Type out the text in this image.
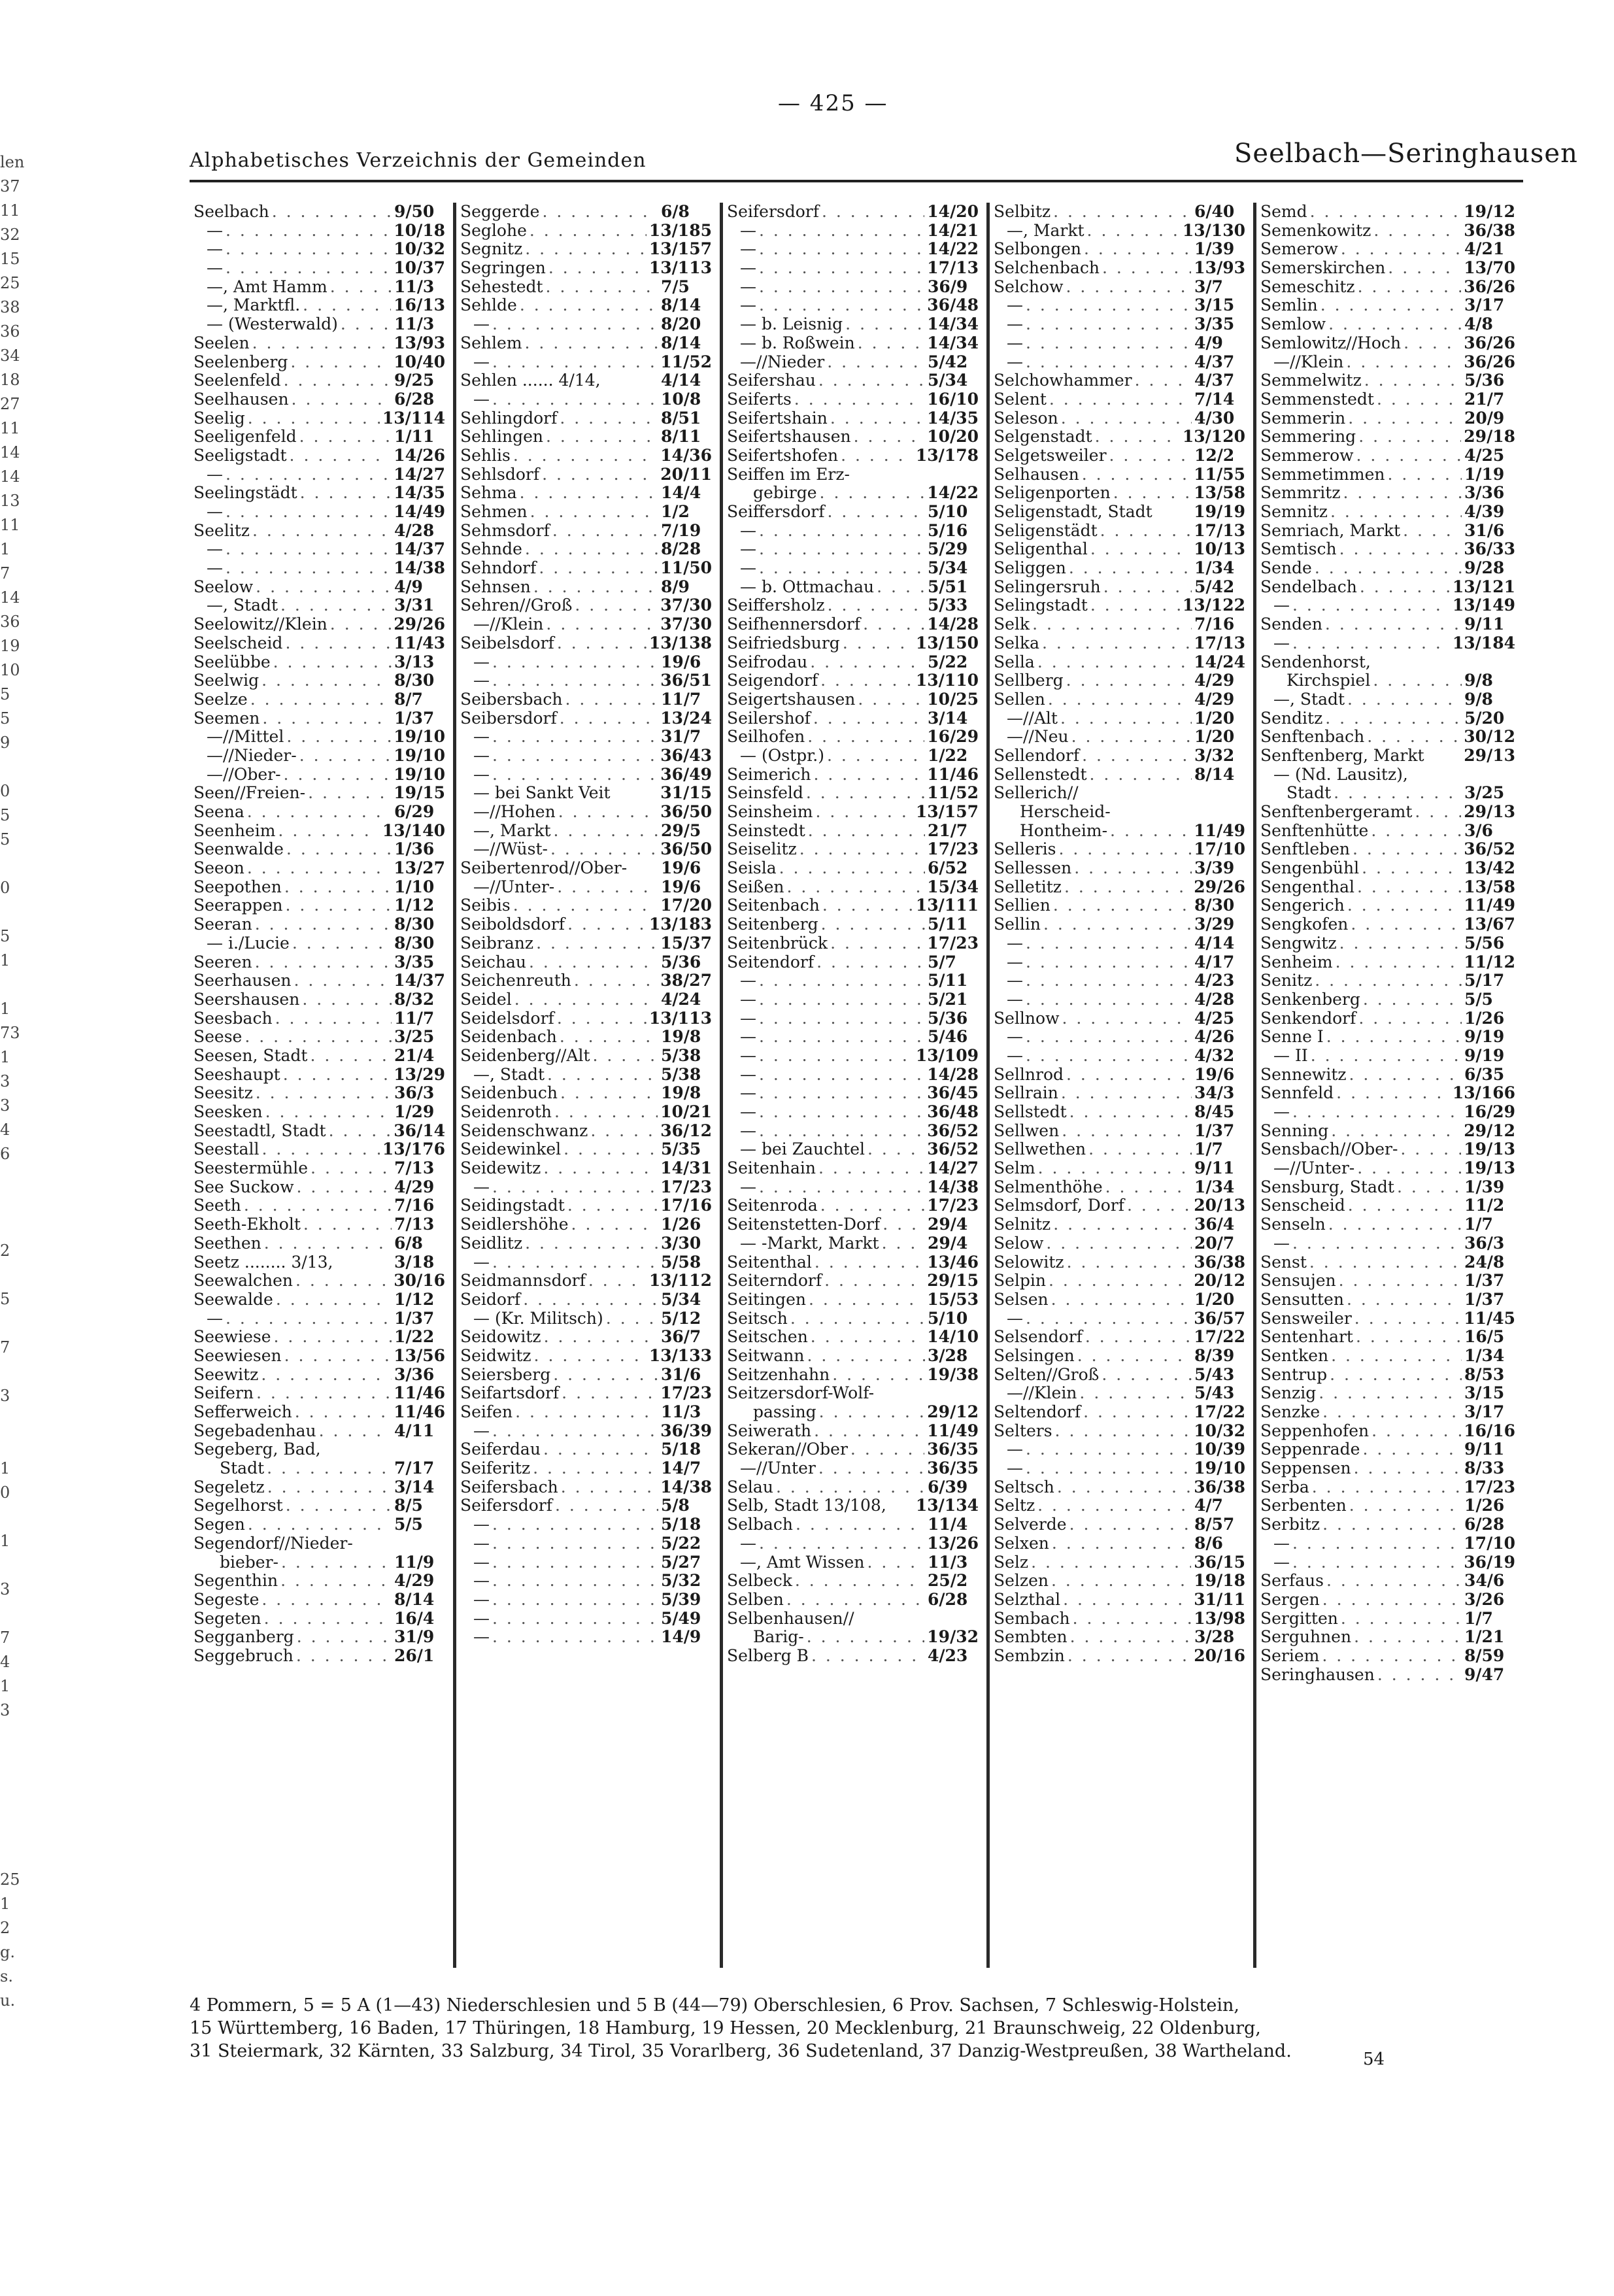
— 425 —
Alphabetisches Verzeichnis der Gemeinden	Seelbach—Seringhausen
len
37
11
32
15
25
38
36
34
18
27
11
14
14
13
11
1
7
14
36
19
10
5
5
9
0
5
5
0
5
1
1
73
1
3
3
4
6
2
5
7
3
1
0
1
3
7
4
1
3
25
1
2
g.
s.
u.
Seelbach . . .	9/50
— . . .	10/18
— . . .	10/32
— . . .	10/37
—, Amt Hamm . . .	11/3
—, Marktfl. . . .	16/13
— (Westerwald) . . .	11/3
Seelen . . .	13/93
Seelenberg . . .	10/40
Seelenfeld . . .	9/25
Seelhausen . . .	6/28
Seelig . . .	13/114
Seeligenfeld . . .	1/11
Seeligstadt . . .	14/26
— . . .	14/27
Seelingstädt . . .	14/35
— . . .	14/49
Seelitz . . .	4/28
— . . .	14/37
— . . .	14/38
Seelow . . .	4/9
—, Stadt . . .	3/31
Seelowitz//Klein . . .	29/26
Seelscheid . . .	11/43
Seelübbe . . .	3/13
Seelwig . . .	8/30
Seelze . . .	8/7
Seemen . . .	1/37
—//Mittel . . .	19/10
—//Nieder- . . .	19/10
—//Ober- . . .	19/10
Seen//Freien- . . .	19/15
Seena . . .	6/29
Seenheim . . .	13/140
Seenwalde . . .	1/36
Seeon . . .	13/27
Seepothen . . .	1/10
Seerappen . . .	1/12
Seeran . . .	8/30
— i./Lucie . . .	8/30
Seeren . . .	3/35
Seerhausen . . .	14/37
Seershausen . . .	8/32
Seesbach . . .	11/7
Seese . . .	3/25
Seesen, Stadt . . .	21/4
Seeshaupt . . .	13/29
Seesitz . . .	36/3
Seesken . . .	1/29
Seestadtl, Stadt . . .	36/14
Seestall . . .	13/176
Seestermühle . . .	7/13
See Suckow . . .	4/29
Seeth . . .	7/16
Seeth-Ekholt . . .	7/13
Seethen . . .	6/8
Seetz ........ 3/13,	3/18
Seewalchen . . .	30/16
Seewalde . . .	1/12
— . . .	1/37
Seewiese . . .	1/22
Seewiesen . . .	13/56
Seewitz . . .	3/36
Seifern . . .	11/46
Sefferweich . . .	11/46
Segebadenhau . . .	4/11
Segeberg, Bad,
Stadt . . .	7/17
Segeletz . . .	3/14
Segelhorst . . .	8/5
Segen . . .	5/5
Segendorf//Nieder-
bieber- . . .	11/9
Segenthin . . .	4/29
Segeste . . .	8/14
Segeten . . .	16/4
Segganberg . . .	31/9
Seggebruch . . .	26/1
Seggerde . . .	6/8
Seglohe . . .	13/185
Segnitz . . .	13/157
Segringen . . .	13/113
Sehestedt . . .	7/5
Sehlde . . .	8/14
— . . .	8/20
Sehlem . . .	8/14
— . . .	11/52
Sehlen ...... 4/14,	4/14
— . . .	10/8
Sehlingdorf . . .	8/51
Sehlingen . . .	8/11
Sehlis . . .	14/36
Sehlsdorf . . .	20/11
Sehma . . .	14/4
Sehmen . . .	1/2
Sehmsdorf . . .	7/19
Sehnde . . .	8/28
Sehndorf . . .	11/50
Sehnsen . . .	8/9
Sehren//Groß . . .	37/30
—//Klein . . .	37/30
Seibelsdorf . . .	13/138
— . . .	19/6
— . . .	36/51
Seibersbach . . .	11/7
Seibersdorf . . .	13/24
— . . .	31/7
— . . .	36/43
— . . .	36/49
— bei Sankt Veit	31/15
—//Hohen . . .	36/50
—, Markt . . .	29/5
—//Wüst- . . .	36/50
Seibertenrod//Ober- 19/6
—//Unter- . . .	19/6
Seibis . . .	17/20
Seiboldsdorf . . .	13/183
Seibranz . . .	15/37
Seichau . . .	5/36
Seichenreuth . . .	38/27
Seidel . . .	4/24
Seidelsdorf . . .	13/113
Seidenbach . . .	19/8
Seidenberg//Alt . . .	5/38
—, Stadt . . .	5/38
Seidenbuch . . .	19/8
Seidenroth . . .	10/21
Seidenschwanz . . .	36/12
Seidewinkel . . .	5/35
Seidewitz . . .	14/31
— . . .	17/23
Seidingstadt . . .	17/16
Seidlershöhe . . .	1/26
Seidlitz . . .	3/30
— . . .	5/58
Seidmannsdorf . . .	13/112
Seidorf . . .	5/34
— (Kr. Militsch) . . .	5/12
Seidowitz . . .	36/7
Seidwitz . . .	13/133
Seiersberg . . .	31/6
Seifartsdorf . . .	17/23
Seifen . . .	11/3
— . . .	36/39
Seiferdau . . .	5/18
Seiferitz . . .	14/7
Seifersbach . . .	14/38
Seifersdorf . . .	5/8
— . . .	5/18
— . . .	5/22
— . . .	5/27
— . . .	5/32
— . . .	5/39
— . . .	5/49
— . . .	14/9
Seifersdorf . . .	14/20
— . . .	14/21
— . . .	14/22
— . . .	17/13
— . . .	36/9
— . . .	36/48
— b. Leisnig . . .	14/34
— b. Roßwein . . .	14/34
—//Nieder . . .	5/42
Seifershau . . .	5/34
Seiferts . . .	16/10
Seifertshain . . .	14/35
Seifertshausen . . .	10/20
Seifertshofen . . .	13/178
Seiffen im Erz-
gebirge . . .	14/22
Seiffersdorf . . .	5/10
— . . .	5/16
— . . .	5/29
— . . .	5/34
— b. Ottmachau . . .	5/51
Seiffersholz . . .	5/33
Seifhennersdorf . . .	14/28
Seifriedsburg . . .	13/150
Seifrodau . . .	5/22
Seigendorf . . .	13/110
Seigertshausen . . .	10/25
Seilershof . . .	3/14
Seilhofen . . .	16/29
— (Ostpr.) . . .	1/22
Seimerich . . .	11/46
Seinsfeld . . .	11/52
Seinsheim . . .	13/157
Seinstedt . . .	21/7
Seiselitz . . .	17/23
Seisla . . .	6/52
Seißen . . .	15/34
Seitenbach . . .	13/111
Seitenberg . . .	5/11
Seitenbrück . . .	17/23
Seitendorf . . .	5/7
— . . .	5/11
— . . .	5/21
— . . .	5/36
— . . .	5/46
— . . .	13/109
— . . .	14/28
— . . .	36/45
— . . .	36/48
— . . .	36/52
— bei Zauchtel . . .	36/52
Seitenhain . . .	14/27
— . . .	14/38
Seitenroda . . .	17/23
Seitenstetten-Dorf . . .	29/4
— -Markt, Markt . . .	29/4
Seitenthal . . .	13/46
Seiterndorf . . .	29/15
Seitingen . . .	15/53
Seitsch . . .	5/10
Seitschen . . .	14/10
Seitwann . . .	3/28
Seitzenhahn . . .	19/38
Seitzersdorf-Wolf-
passing . . .	29/12
Seiwerath . . .	11/49
Sekeran//Ober . . .	36/35
—//Unter . . .	36/35
Selau . . .	6/39
Selb, Stadt 13/108, 13/134
Selbach . . .	11/4
— . . .	13/26
—, Amt Wissen . . .	11/3
Selbeck . . .	25/2
Selben . . .	6/28
Selbenhausen//
Barig- . . .	19/32
Selberg B . . .	4/23
Selbitz . . .	6/40
—, Markt . . .	13/130
Selbongen . . .	1/39
Selchenbach . . .	13/93
Selchow . . .	3/7
— . . .	3/15
— . . .	3/35
— . . .	4/9
— . . .	4/37
Selchowhammer . . .	4/37
Selent . . .	7/14
Seleson . . .	4/30
Selgenstadt . . .	13/120
Selgetsweiler . . .	12/2
Selhausen . . .	11/55
Seligenporten . . .	13/58
Seligenstadt, Stadt	19/19
Seligenstädt . . .	17/13
Seligenthal . . .	10/13
Seliggen . . .	1/34
Selingersruh . . .	5/42
Selingstadt . . .	13/122
Selk . . .	7/16
Selka . . .	17/13
Sella . . .	14/24
Sellberg . . .	4/29
Sellen . . .	4/29
—//Alt . . .	1/20
—//Neu . . .	1/20
Sellendorf . . .	3/32
Sellenstedt . . .	8/14
Sellerich//
Herscheid-
Hontheim- . . .	11/49
Selleris . . .	17/10
Sellessen . . .	3/39
Selletitz . . .	29/26
Sellien . . .	8/30
Sellin . . .	3/29
— . . .	4/14
— . . .	4/17
— . . .	4/23
— . . .	4/28
Sellnow . . .	4/25
— . . .	4/26
— . . .	4/32
Sellnrod . . .	19/6
Sellrain . . .	34/3
Sellstedt . . .	8/45
Sellwen . . .	1/37
Sellwethen . . .	1/7
Selm . . .	9/11
Selmenthöhe . . .	1/34
Selmsdorf, Dorf . . .	20/13
Selnitz . . .	36/4
Selow . . .	20/7
Selowitz . . .	36/38
Selpin . . .	20/12
Selsen . . .	1/20
— . . .	36/57
Selsendorf . . .	17/22
Selsingen . . .	8/39
Selten//Groß . . .	5/43
—//Klein . . .	5/43
Seltendorf . . .	17/22
Selters . . .	10/32
— . . .	10/39
— . . .	19/10
Seltsch . . .	36/38
Seltz . . .	4/7
Selverde . . .	8/57
Selxen . . .	8/6
Selz . . .	36/15
Selzen . . .	19/18
Selzthal . . .	31/11
Sembach . . .	13/98
Sembten . . .	3/28
Sembzin . . .	20/16
Semd . . .	19/12
Semenkowitz . . .	36/38
Semerow . . .	4/21
Semerskirchen . . .	13/70
Semeschitz . . .	36/26
Semlin . . .	3/17
Semlow . . .	4/8
Semlowitz//Hoch . . .	36/26
—//Klein . . .	36/26
Semmelwitz . . .	5/36
Semmenstedt . . .	21/7
Semmerin . . .	20/9
Semmering . . .	29/18
Semmerow . . .	4/25
Semmetimmen . . .	1/19
Semmritz . . .	3/36
Semnitz . . .	4/39
Semriach, Markt . . .	31/6
Semtisch . . .	36/33
Sende . . .	9/28
Sendelbach . . .	13/121
— . . .	13/149
Senden . . .	9/11
— . . .	13/184
Sendenhorst,
Kirchspiel . . .	9/8
—, Stadt . . .	9/8
Senditz . . .	5/20
Senftenbach . . .	30/12
Senftenberg, Markt 29/13
— (Nd. Lausitz),
Stadt . . .	3/25
Senftenbergeramt . . .	29/13
Senftenhütte . . .	3/6
Senftleben . . .	36/52
Sengenbühl . . .	13/42
Sengenthal . . .	13/58
Sengerich . . .	11/49
Sengkofen . . .	13/67
Sengwitz . . .	5/56
Senheim . . .	11/12
Senitz . . .	5/17
Senkenberg . . .	5/5
Senkendorf . . .	1/26
Senne I . . .	9/19
— II . . .	9/19
Sennewitz . . .	6/35
Sennfeld . . .	13/166
— . . .	16/29
Senning . . .	29/12
Sensbach//Ober- . . .	19/13
—//Unter- . . .	19/13
Sensburg, Stadt . . .	1/39
Senscheid . . .	11/2
Senseln . . .	1/7
— . . .	36/3
Senst . . .	24/8
Sensujen . . .	1/37
Sensutten . . .	1/37
Sensweiler . . .	11/45
Sentenhart . . .	16/5
Sentken . . .	1/34
Sentrup . . .	8/53
Senzig . . .	3/15
Senzke . . .	3/17
Seppenhofen . . .	16/16
Seppenrade . . .	9/11
Seppensen . . .	8/33
Serba . . .	17/23
Serbenten . . .	1/26
Serbitz . . .	6/28
— . . .	17/10
— . . .	36/19
Serfaus . . .	34/6
Sergen . . .	3/26
Sergitten . . .	1/7
Serguhnen . . .	1/21
Seriem . . .	8/59
Seringhausen . . .	9/47
4 Pommern, 5 = 5 A (1—43) Niederschlesien und 5 B (44—79) Oberschlesien, 6 Prov. Sachsen, 7 Schleswig-Holstein,
15 Württemberg, 16 Baden, 17 Thüringen, 18 Hamburg, 19 Hessen, 20 Mecklenburg, 21 Braunschweig, 22 Oldenburg,
31 Steiermark, 32 Kärnten, 33 Salzburg, 34 Tirol, 35 Vorarlberg, 36 Sudetenland, 37 Danzig-Westpreußen, 38 Wartheland.	54
